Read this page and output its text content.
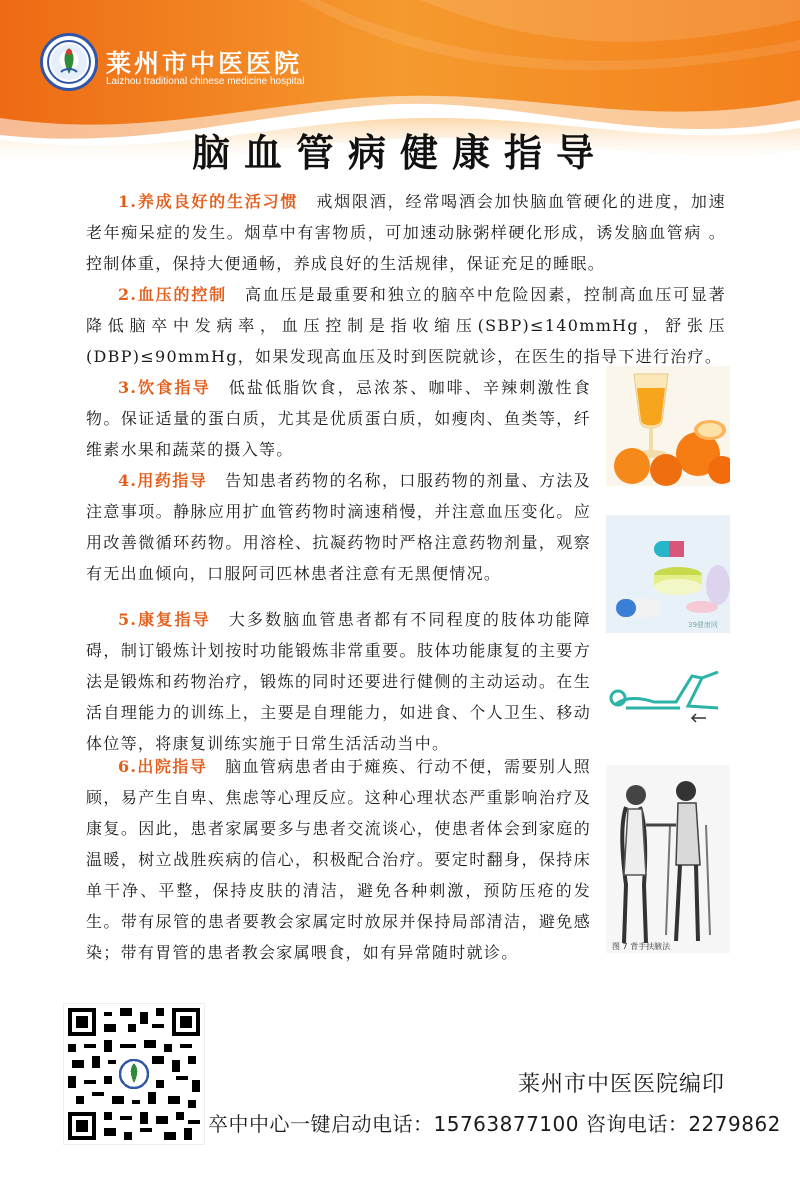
莱州市中医医院
Laizhou traditional chinese medicine hospital
脑血管病健康指导
1.养成良好的生活习惯 戒烟限酒，经常喝酒会加快脑血管硬化的进度，加速老年痴呆症的发生。烟草中有害物质，可加速动脉粥样硬化形成，诱发脑血管病 。控制体重，保持大便通畅，养成良好的生活规律，保证充足的睡眠。
2.血压的控制 高血压是最重要和独立的脑卒中危险因素，控制高血压可显著降低脑卒中发病率，血压控制是指收缩压(SBP)≤140mmHg，舒张压(DBP)≤90mmHg，如果发现高血压及时到医院就诊，在医生的指导下进行治疗。
3.饮食指导 低盐低脂饮食，忌浓茶、咖啡、辛辣刺激性食物。保证适量的蛋白质，尤其是优质蛋白质，如瘦肉、鱼类等，纤维素水果和蔬菜的摄入等。
4.用药指导 告知患者药物的名称，口服药物的剂量、方法及注意事项。静脉应用扩血管药物时滴速稍慢，并注意血压变化。应用改善微循环药物。用溶栓、抗凝药物时严格注意药物剂量，观察有无出血倾向，口服阿司匹林患者注意有无黑便情况。
5.康复指导 大多数脑血管患者都有不同程度的肢体功能障碍，制订锻炼计划按时功能锻炼非常重要。肢体功能康复的主要方法是锻炼和药物治疗，锻炼的同时还要进行健侧的主动运动。在生活自理能力的训练上，主要是自理能力，如进食、个人卫生、移动体位等，将康复训练实施于日常生活活动当中。
6.出院指导 脑血管病患者由于瘫痪、行动不便，需要别人照顾，易产生自卑、焦虑等心理反应。这种心理状态严重影响治疗及康复。因此，患者家属要多与患者交流谈心，使患者体会到家庭的温暖，树立战胜疾病的信心，积极配合治疗。要定时翻身，保持床单干净、平整，保持皮肤的清洁，避免各种刺激，预防压疮的发生。带有尿管的患者要教会家属定时放尿并保持局部清洁，避免感染；带有胃管的患者教会家属喂食，如有异常随时就诊。
39健康网
图 7 背手扶腋法
莱州市中医医院编印
卒中中心一键启动电话：15763877100 咨询电话：2279862
